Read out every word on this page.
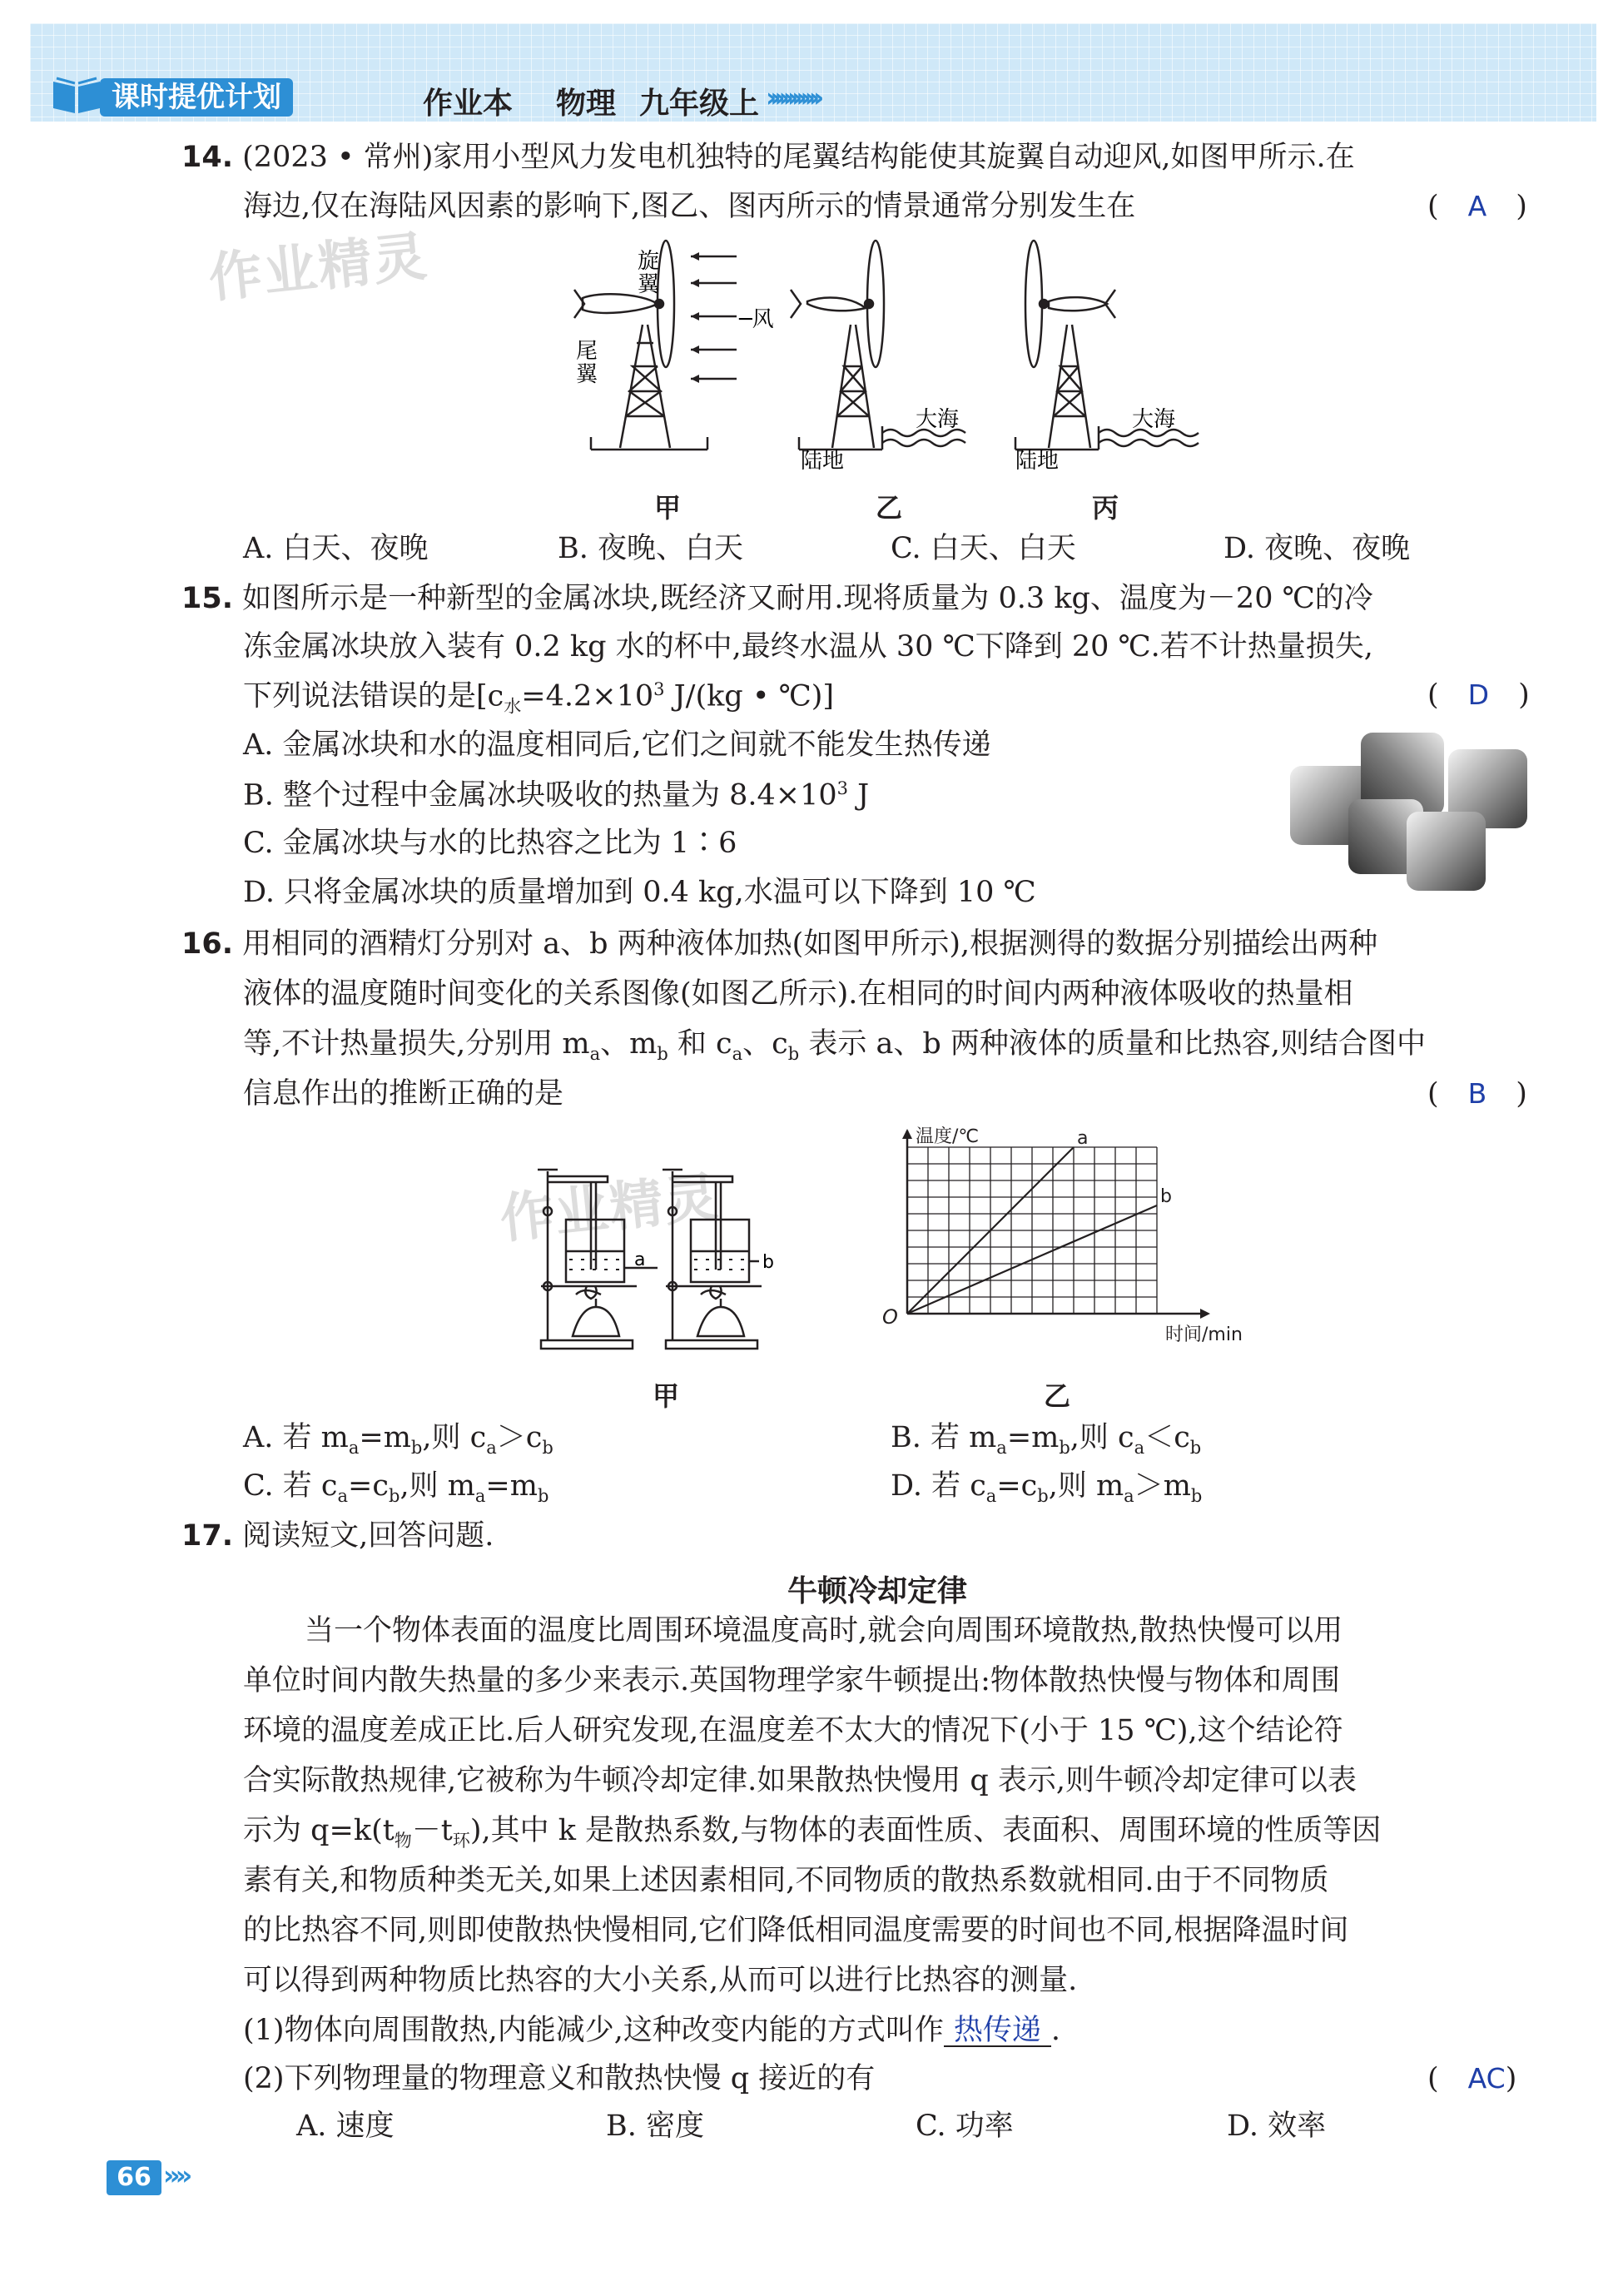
课时提优计划	作业本 物理 九年级上 ››››››››››››
作业精灵
作业精灵
14. (2023 • 常州)家用小型风力发电机独特的尾翼结构能使其旋翼自动迎风,如图甲所示.在
海边,仅在海陆风因素的影响下,图乙、图丙所示的情景通常分别发生在	(　A　)
旋
翼
尾
翼
─风
陆地
大海
陆地
大海
甲	乙	丙
A. 白天、夜晚	B. 夜晚、白天	C. 白天、白天	D. 夜晚、夜晚
15. 如图所示是一种新型的金属冰块,既经济又耐用.现将质量为 0.3 kg、温度为－20 ℃的冷
冻金属冰块放入装有 0.2 kg 水的杯中,最终水温从 30 ℃下降到 20 ℃.若不计热量损失,
下列说法错误的是[$c_水=4.2\times 10^3$ J/(kg • ℃)]	(　D　)
A. 金属冰块和水的温度相同后,它们之间就不能发生热传递
B. 整个过程中金属冰块吸收的热量为 $8.4\times 10^3$ J
C. 金属冰块与水的比热容之比为 1∶6
D. 只将金属冰块的质量增加到 0.4 kg,水温可以下降到 10 ℃
16. 用相同的酒精灯分别对 a、b 两种液体加热(如图甲所示),根据测得的数据分别描绘出两种
液体的温度随时间变化的关系图像(如图乙所示).在相同的时间内两种液体吸收的热量相
等,不计热量损失,分别用 $m_a$、$m_b$ 和 $c_a$、$c_b$ 表示 a、b 两种液体的质量和比热容,则结合图中
信息作出的推断正确的是	(　B　)
a	b
a
b
温度/℃
时间/min
O
甲	乙
A. 若 $m_a=m_b$,则 $c_a>c_b$	B. 若 $m_a=m_b$,则 $c_a<c_b$
C. 若 $c_a=c_b$,则 $m_a=m_b$	D. 若 $c_a=c_b$,则 $m_a>m_b$
17. 阅读短文,回答问题.
牛顿冷却定律
当一个物体表面的温度比周围环境温度高时,就会向周围环境散热,散热快慢可以用
单位时间内散失热量的多少来表示.英国物理学家牛顿提出:物体散热快慢与物体和周围
环境的温度差成正比.后人研究发现,在温度差不太大的情况下(小于 15 ℃),这个结论符
合实际散热规律,它被称为牛顿冷却定律.如果散热快慢用 q 表示,则牛顿冷却定律可以表
示为 $q=k(t_物-t_环)$,其中 k 是散热系数,与物体的表面性质、表面积、周围环境的性质等因
素有关,和物质种类无关,如果上述因素相同,不同物质的散热系数就相同.由于不同物质
的比热容不同,则即使散热快慢相同,它们降低相同温度需要的时间也不同,根据降温时间
可以得到两种物质比热容的大小关系,从而可以进行比热容的测量.
(1)物体向周围散热,内能减少,这种改变内能的方式叫作 热传递 .
(2)下列物理量的物理意义和散热快慢 q 接近的有	(　AC)
A. 速度	B. 密度	C. 功率	D. 效率
66 »»
